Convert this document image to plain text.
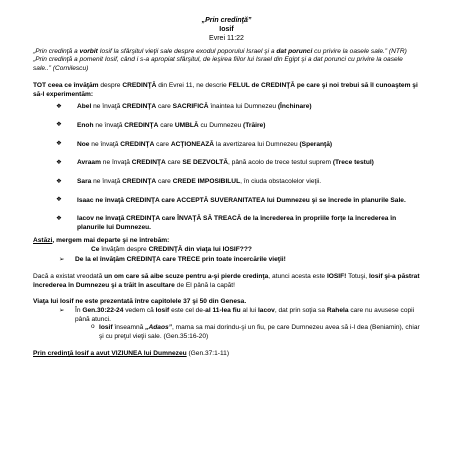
„Prin credinţă”
Iosif
Evrei 11:22

„Prin credinţă a vorbit Iosif la sfârşitul vieţii sale despre exodul poporului Israel şi a dat porunci cu privire la oasele sale.” (NTR)

„Prin credinţă a pomenit Iosif, când i s-a apropiat sfârşitul, de ieşirea fiilor lui Israel din Egipt şi a dat porunci cu privire la oasele sale..” (Cornilescu)

TOT ceea ce învăţăm despre CREDINŢĂ din Evrei 11, ne descrie FELUL de CREDINŢĂ pe care şi noi trebui să îl cunoaştem şi să-l experimentăm:

❖ Abel ne învaţă CREDINŢA care SACRIFICĂ înaintea lui Dumnezeu (Închinare)
❖ Enoh ne învaţă CREDINŢA care UMBLĂ cu Dumnezeu (Trăire)
❖ Noe ne învaţă CREDINŢA care ACŢIONEAZĂ la avertizarea lui Dumnezeu (Speranţă)
❖ Avraam ne învaţă CREDINŢA care SE DEZVOLTĂ, până acolo de trece testul suprem (Trece testul)
❖ Sara ne învaţă CREDINŢA care CREDE IMPOSIBILUL, în ciuda obstacolelor vieţii.
❖ Isaac ne învaţă CREDINŢA care ACCEPTĂ SUVERANITATEA lui Dumnezeu şi se încrede în planurile Sale.
❖ Iacov ne învaţă CREDINŢA care ÎNVAŢĂ SĂ TREACĂ de la încrederea în propriile forţe la încrederea în planurile lui Dumnezeu.

Astăzi, mergem mai departe şi ne întrebăm:

Ce învăţăm despre CREDINŢĂ din viaţa lui IOSIF???

➢ De la el învăţăm CREDINŢA care TRECE prin toate încercările vieţii!

Dacă a existat vreodată un om care să aibe scuze pentru a-şi pierde credinţa, atunci acesta este IOSIF! Totuşi, Iosif şi-a păstrat încrederea în Dumnezeu şi a trăit în ascultare de El până la capăt!

Viaţa lui Iosif ne este prezentată între capitolele 37 şi 50 din Genesa.

➢ În Gen.30:22-24 vedem că Iosif este cel de-al 11-lea fiu al lui Iacov, dat prin soţia sa Rahela care nu avusese copii până atunci.
o Iosif înseamnă „Adaos”, mama sa mai dorindu-şi un fiu, pe care Dumnezeu avea să i-l dea (Beniamin), chiar şi cu preţul vieţii sale. (Gen.35:16-20)

Prin credinţă Iosif a avut VIZIUNEA lui Dumnezeu (Gen.37:1-11)
